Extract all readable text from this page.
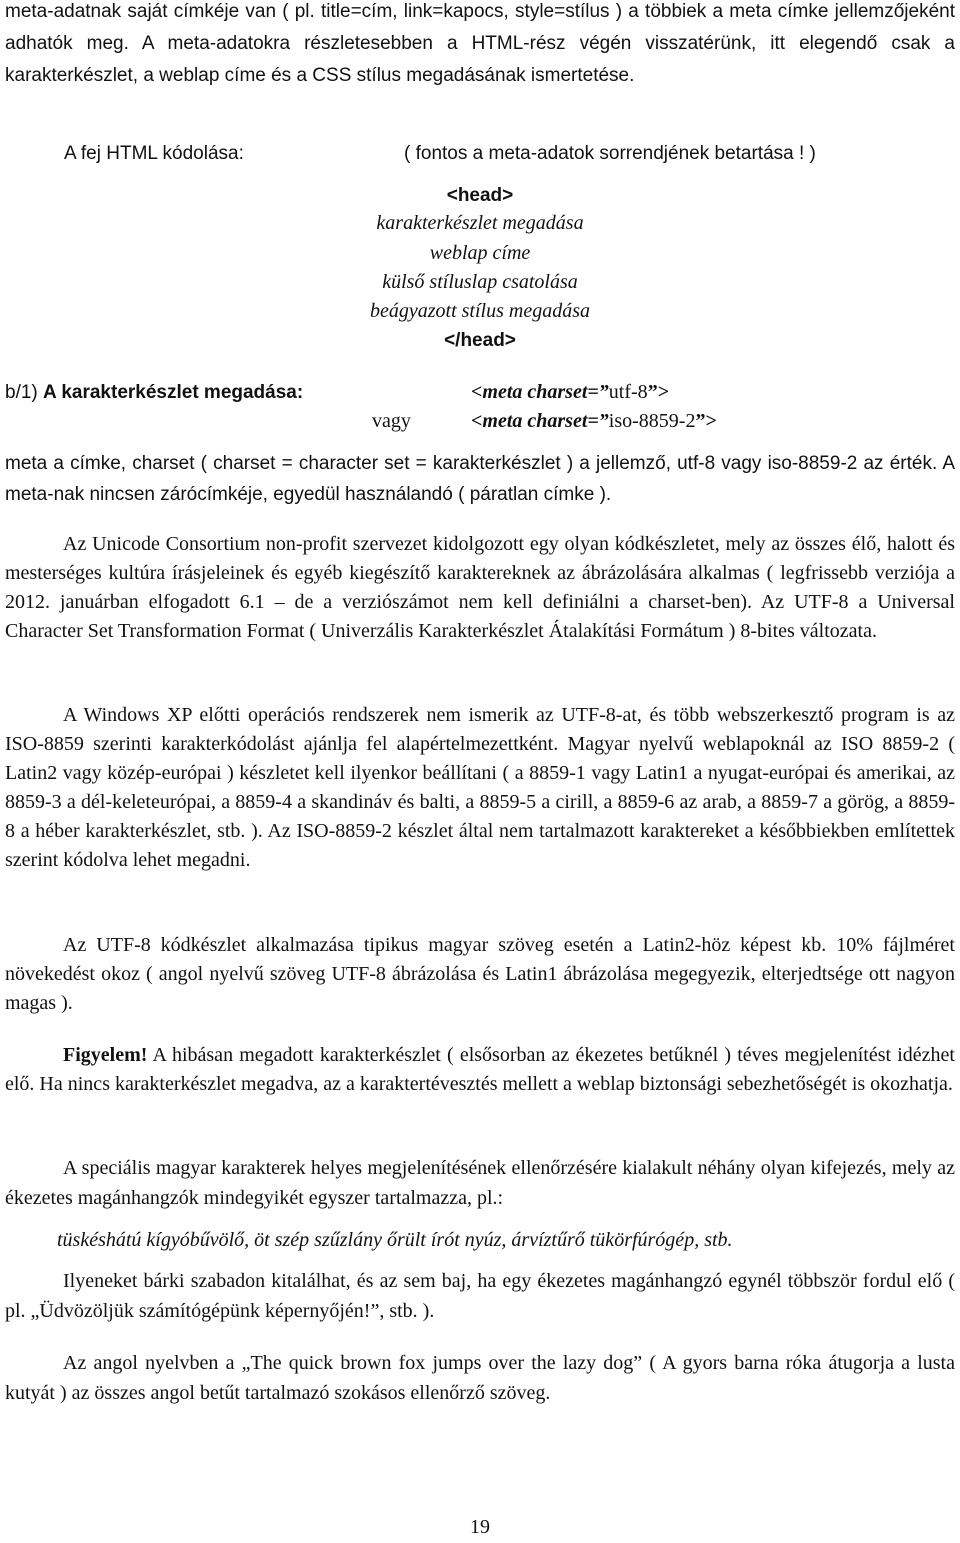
meta-adatnak saját címkéje van ( pl. title=cím, link=kapocs, style=stílus ) a többiek a meta címke jellemzőjeként adhatók meg. A meta-adatokra részletesebben a HTML-rész végén visszatérünk, itt elegendő csak a karakterkészlet, a weblap címe és a CSS stílus megadásának ismertetése.

A fej HTML kódolása:	( fontos a meta-adatok sorrendjének betartása ! )
<head>
karakterkészlet megadása
weblap címe
külső stíluslap csatolása
beágyazott stílus megadása
</head>
b/1) A karakterkészlet megadása:	<meta charset=”utf-8”>
vagy	<meta charset=”iso-8859-2”>

meta a címke, charset ( charset = character set = karakterkészlet ) a jellemző, utf-8 vagy iso-8859-2 az érték. A meta-nak nincsen zárócímkéje, egyedül használandó ( páratlan címke ).

Az Unicode Consortium non-profit szervezet kidolgozott egy olyan kódkészletet, mely az összes élő, halott és mesterséges kultúra írásjeleinek és egyéb kiegészítő karaktereknek az ábrázolására alkalmas ( legfrissebb verziója a 2012. januárban elfogadott 6.1 – de a verziószámot nem kell definiálni a charset-ben). Az UTF-8 a Universal Character Set Transformation Format ( Univerzális Karakterkészlet Átalakítási Formátum ) 8-bites változata.

A Windows XP előtti operációs rendszerek nem ismerik az UTF-8-at, és több webszerkesztő program is az ISO-8859 szerinti karakterkódolást ajánlja fel alapértelmezettként. Magyar nyelvű weblapoknál az ISO 8859-2 ( Latin2 vagy közép-európai ) készletet kell ilyenkor beállítani ( a 8859-1 vagy Latin1 a nyugat-európai és amerikai, az 8859-3 a dél-keleteurópai, a 8859-4 a skandináv és balti, a 8859-5 a cirill, a 8859-6 az arab, a 8859-7 a görög, a 8859-8 a héber karakterkészlet, stb. ). Az ISO-8859-2 készlet által nem tartalmazott karaktereket a későbbiekben említettek szerint kódolva lehet megadni.

Az UTF-8 kódkészlet alkalmazása tipikus magyar szöveg esetén a Latin2-höz képest kb. 10% fájlméret növekedést okoz ( angol nyelvű szöveg UTF-8 ábrázolása és Latin1 ábrázolása megegyezik, elterjedtsége ott nagyon magas ).

Figyelem! A hibásan megadott karakterkészlet ( elsősorban az ékezetes betűknél ) téves megjelenítést idézhet elő. Ha nincs karakterkészlet megadva, az a karaktertévesztés mellett a weblap biztonsági sebezhetőségét is okozhatja.

A speciális magyar karakterek helyes megjelenítésének ellenőrzésére kialakult néhány olyan kifejezés, mely az ékezetes magánhangzók mindegyikét egyszer tartalmazza, pl.:

tüskéshátú kígyóbűvölő, öt szép szűzlány őrült írót nyúz, árvíztűrő tükörfúrógép, stb.

Ilyeneket bárki szabadon kitalálhat, és az sem baj, ha egy ékezetes magánhangzó egynél többször fordul elő ( pl. „Üdvözöljük számítógépünk képernyőjén!”, stb. ).

Az angol nyelvben a „The quick brown fox jumps over the lazy dog” ( A gyors barna róka átugorja a lusta kutyát ) az összes angol betűt tartalmazó szokásos ellenőrző szöveg.

19
